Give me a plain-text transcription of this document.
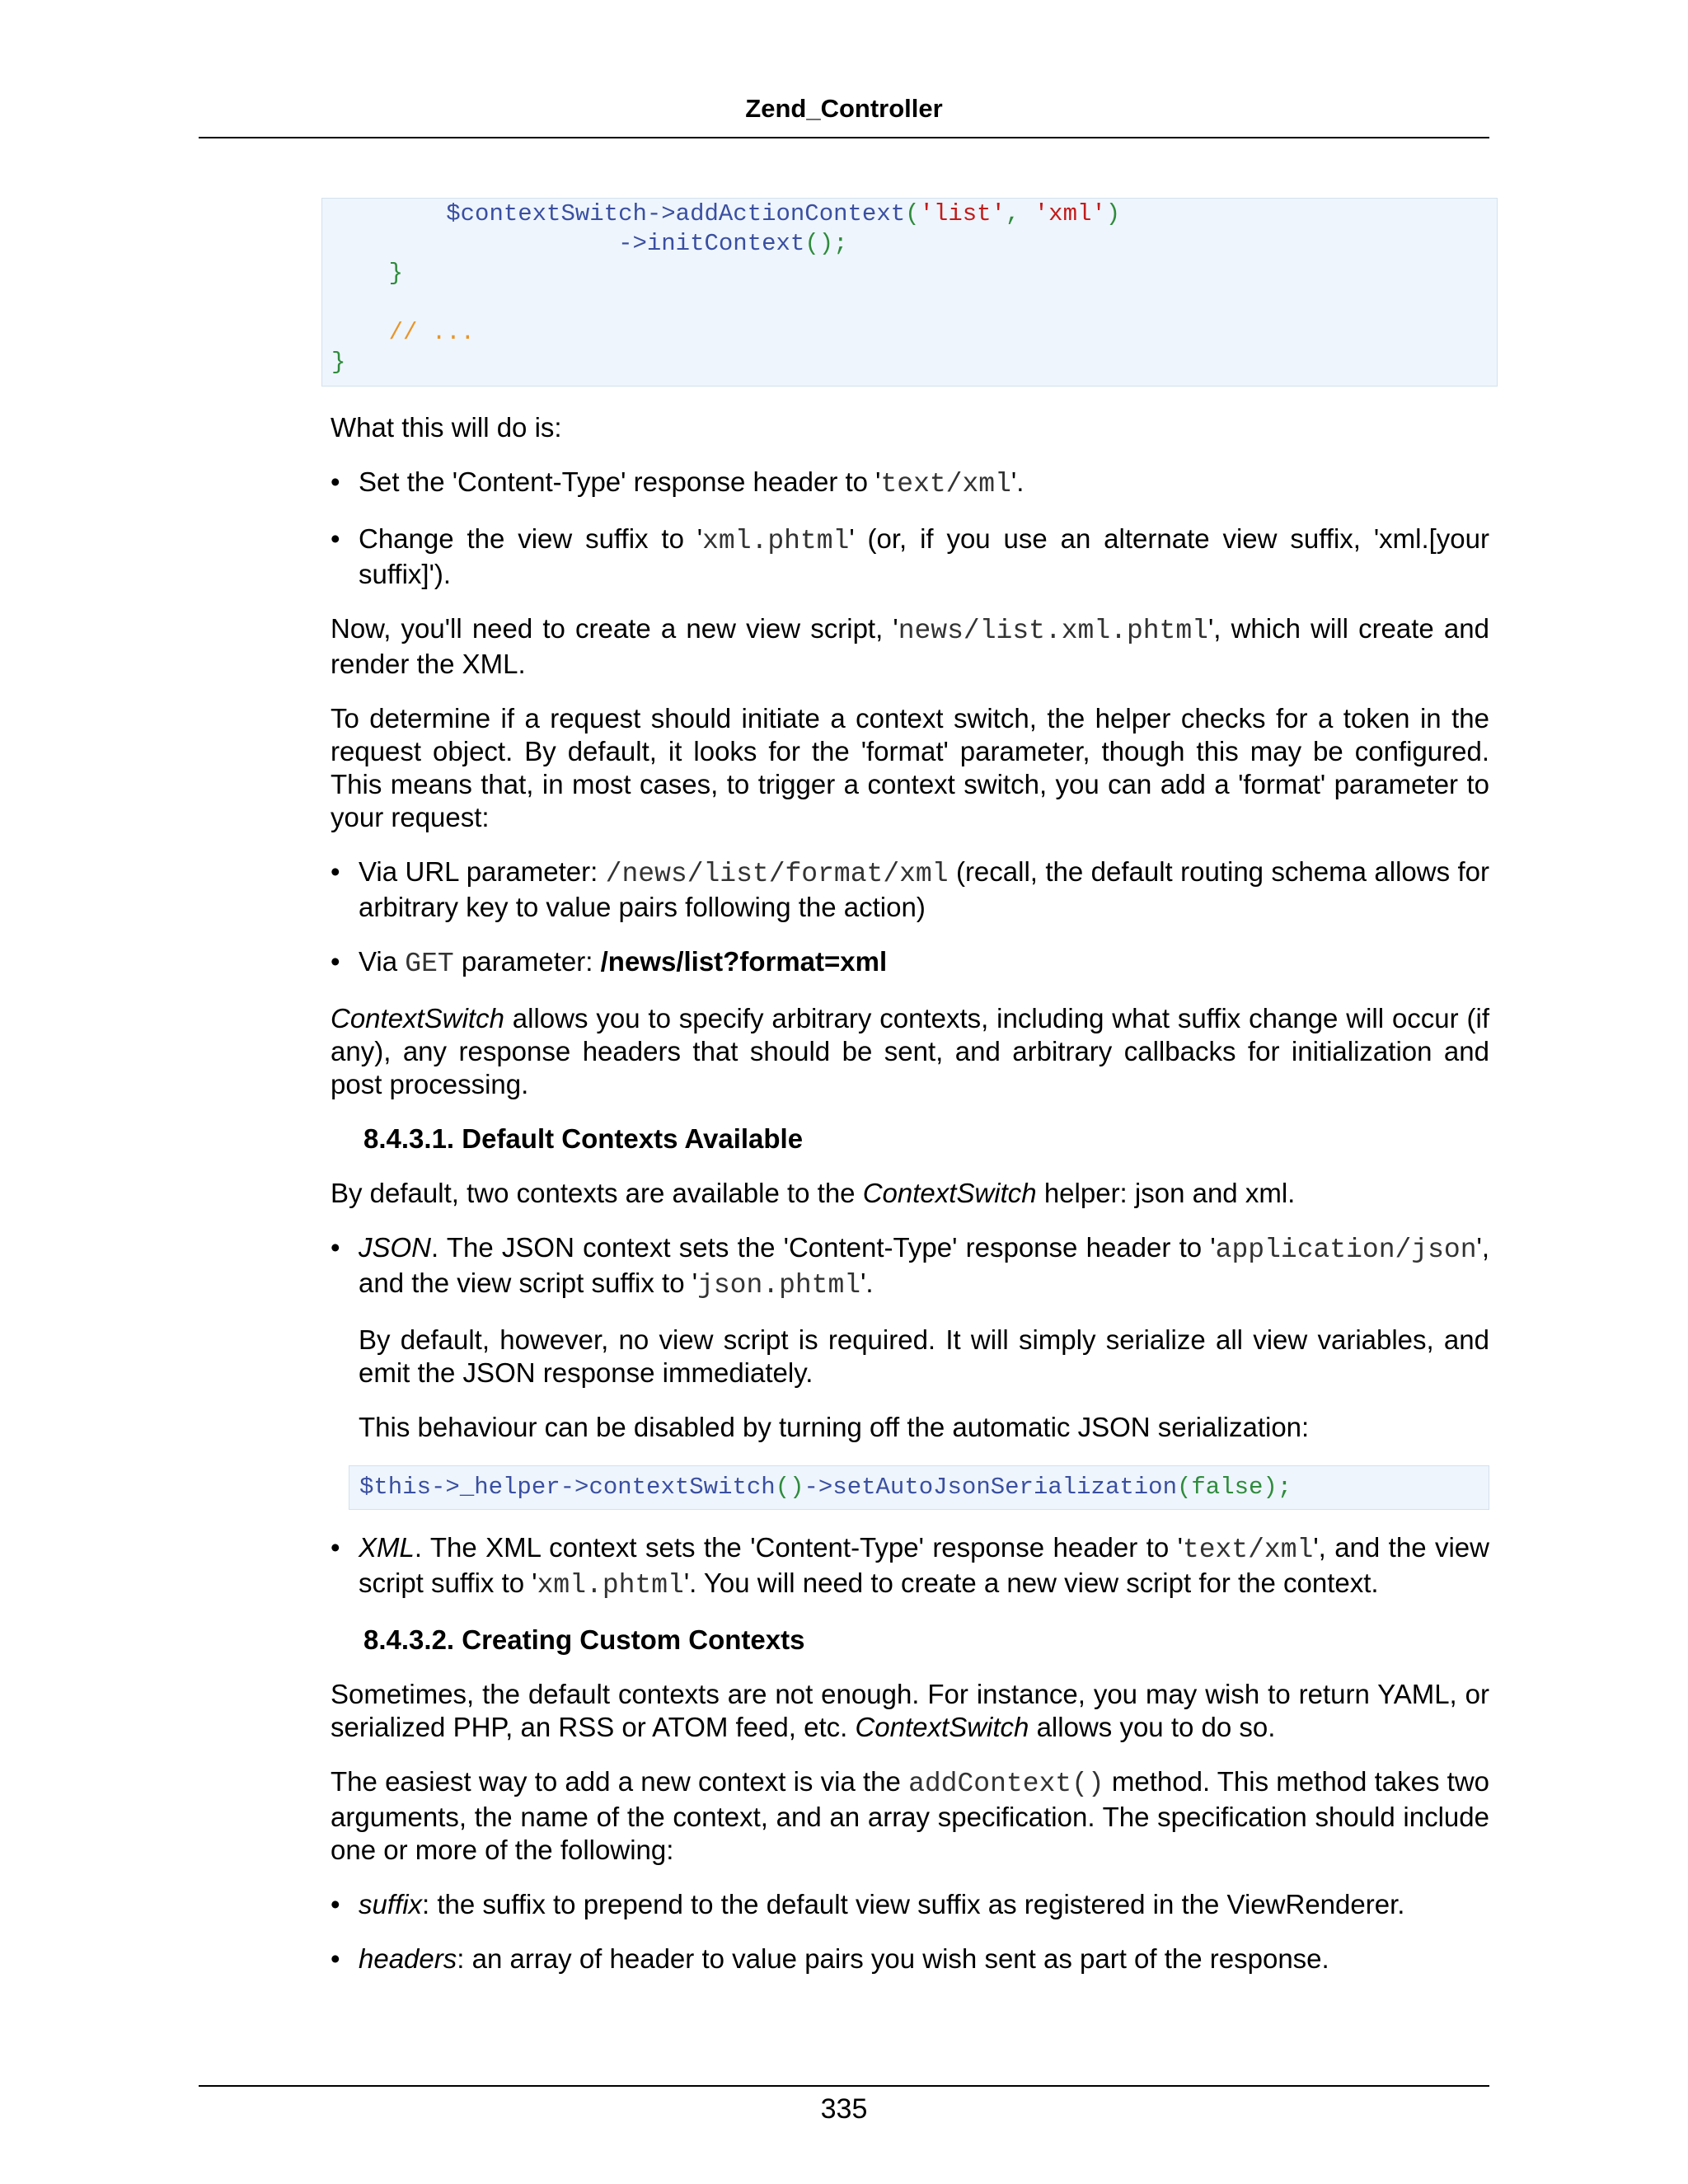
Zend_Controller
$contextSwitch->addActionContext('list', 'xml')
->initContext();
}

// ...
}

What this will do is:

• Set the 'Content-Type' response header to 'text/xml'.
• Change the view suffix to 'xml.phtml' (or, if you use an alternate view suffix, 'xml.[your suffix]').

Now, you'll need to create a new view script, 'news/list.xml.phtml', which will create and render the XML.

To determine if a request should initiate a context switch, the helper checks for a token in the request object. By default, it looks for the 'format' parameter, though this may be configured. This means that, in most cases, to trigger a context switch, you can add a 'format' parameter to your request:

• Via URL parameter: /news/list/format/xml (recall, the default routing schema allows for arbitrary key to value pairs following the action)
• Via GET parameter: /news/list?format=xml

ContextSwitch allows you to specify arbitrary contexts, including what suffix change will occur (if any), any response headers that should be sent, and arbitrary callbacks for initialization and post processing.

8.4.3.1. Default Contexts Available

By default, two contexts are available to the ContextSwitch helper: json and xml.

• JSON. The JSON context sets the 'Content-Type' response header to 'application/json', and the view script suffix to 'json.phtml'.

By default, however, no view script is required. It will simply serialize all view variables, and emit the JSON response immediately.

This behaviour can be disabled by turning off the automatic JSON serialization:

$this->_helper->contextSwitch()->setAutoJsonSerialization(false);
• XML. The XML context sets the 'Content-Type' response header to 'text/xml', and the view script suffix to 'xml.phtml'. You will need to create a new view script for the context.
8.4.3.2. Creating Custom Contexts

Sometimes, the default contexts are not enough. For instance, you may wish to return YAML, or serialized PHP, an RSS or ATOM feed, etc. ContextSwitch allows you to do so.

The easiest way to add a new context is via the addContext() method. This method takes two arguments, the name of the context, and an array specification. The specification should include one or more of the following:

• suffix: the suffix to prepend to the default view suffix as registered in the ViewRenderer.
• headers: an array of header to value pairs you wish sent as part of the response.
335
